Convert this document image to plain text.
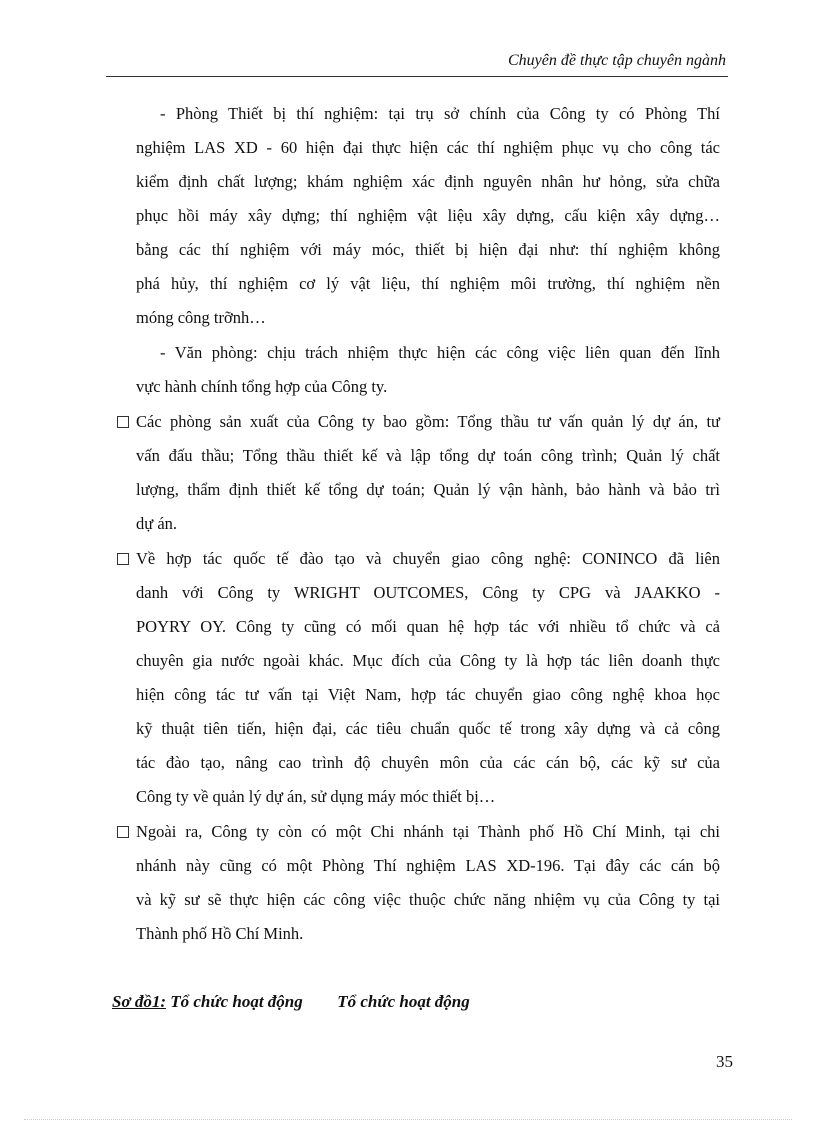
Chuyên đề thực tập chuyên ngành
- Phòng Thiết bị thí nghiệm: tại trụ sở chính của Công ty có Phòng Thí
nghiệm LAS XD - 60 hiện đại thực hiện các thí nghiệm phục vụ cho công tác
kiểm định chất lượng; khám nghiệm xác định nguyên nhân hư hỏng, sửa chữa
phục hồi máy xây dựng; thí nghiệm vật liệu xây dựng, cấu kiện xây dựng…
bằng các thí nghiệm với máy móc, thiết bị hiện đại như: thí nghiệm không
phá hủy, thí nghiệm cơ lý vật liệu, thí nghiệm môi trường, thí nghiệm nền
móng công trỡnh…
- Văn phòng: chịu trách nhiệm thực hiện các công việc liên quan đến lĩnh
vực hành chính tổng hợp của Công ty.
Các phòng sản xuất của Công ty bao gồm: Tổng thầu tư vấn quản lý dự án, tư
vấn đấu thầu; Tổng thầu thiết kế và lập tổng dự toán công trình; Quản lý chất
lượng, thẩm định thiết kế tổng dự toán; Quản lý vận hành, bảo hành và bảo trì
dự án.
Về hợp tác quốc tế đào tạo và chuyển giao công nghệ: CONINCO đã liên
danh với Công ty WRIGHT OUTCOMES, Công ty CPG và JAAKKO -
POYRY OY. Công ty cũng có mối quan hệ hợp tác với nhiều tổ chức và cả
chuyên gia nước ngoài khác. Mục đích của Công ty là hợp tác liên doanh thực
hiện công tác tư vấn tại Việt Nam, hợp tác chuyển giao công nghệ khoa học
kỹ thuật tiên tiến, hiện đại, các tiêu chuẩn quốc tế trong xây dựng và cả công
tác đào tạo, nâng cao trình độ chuyên môn của các cán bộ, các kỹ sư của
Công ty về quản lý dự án, sử dụng máy móc thiết bị…
Ngoài ra, Công ty còn có một Chi nhánh tại Thành phố Hồ Chí Minh, tại chi
nhánh này cũng có một Phòng Thí nghiệm LAS XD-196. Tại đây các cán bộ
và kỹ sư sẽ thực hiện các công việc thuộc chức năng nhiệm vụ của Công ty tại
Thành phố Hồ Chí Minh.
Sơ đồ1: Tổ chức hoạt động Tổ chức hoạt động
35
